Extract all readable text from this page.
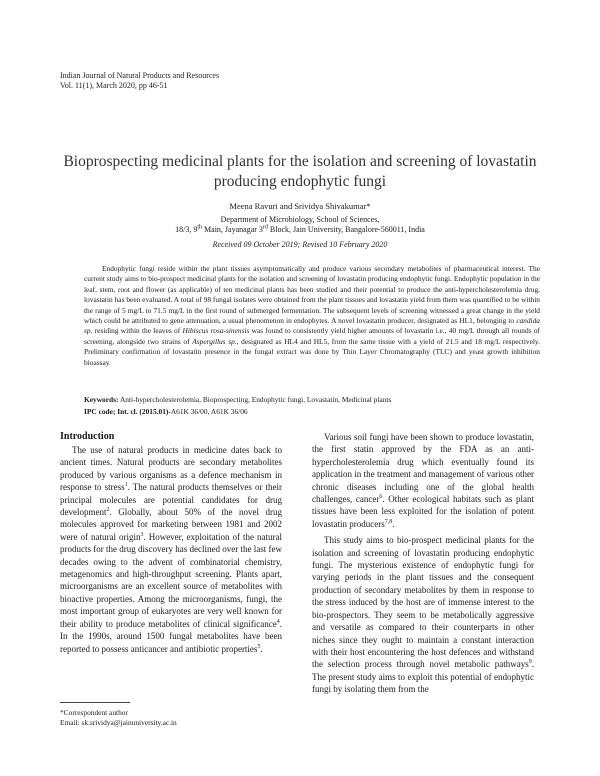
Indian Journal of Natural Products and Resources
Vol. 11(1), March 2020, pp 46-51
Bioprospecting medicinal plants for the isolation and screening of lovastatin
producing endophytic fungi
Meena Ravuri and Srividya Shivakumar*
Department of Microbiology, School of Sciences,
18/3, 9th Main, Jayanagar 3rd Block, Jain University, Bangalore-560011, India
Received 09 October 2019; Revised 10 February 2020

Endophytic fungi reside within the plant tissues asymptomatically and produce various secondary metabolites of pharmaceutical interest. The current study aims to bio-prospect medicinal plants for the isolation and screening of lovastatin producing endophytic fungi. Endophytic population in the leaf, stem, root and flower (as applicable) of ten medicinal plants has been studied and their potential to produce the anti-hypercholesterolemia drug, lovastatin has been evaluated. A total of 98 fungal isolates were obtained from the plant tissues and lovastatin yield from them was quantified to be within the range of 5 mg/L to 71.5 mg/L in the first round of submerged fermentation. The subsequent levels of screening witnessed a great change in the yield which could be attributed to gene attenuation, a usual phenomenon in endophytes. A novel lovastatin producer, designated as HL1, belonging to candida sp. residing within the leaves of Hibiscus rosa-sinensis was found to consistently yield higher amounts of lovastatin i.e., 40 mg/L through all rounds of screening, alongside two strains of Aspergillus sp., designated as HL4 and HL5, from the same tissue with a yield of 21.5 and 18 mg/L respectively. Preliminary confirmation of lovastatin presence in the fungal extract was done by Thin Layer Chromatography (TLC) and yeast growth inhibition bioassay.

Keywords: Anti-hypercholesterolemia, Bioprospecting, Endophytic fungi, Lovastatin, Medicinal plants
IPC code; Int. cl. (2015.01)-A61K 36/00, A61K 36/06
Introduction

The use of natural products in medicine dates back to ancient times. Natural products are secondary metabolites produced by various organisms as a defence mechanism in response to stress$^1$. The natural products themselves or their principal molecules are potential candidates for drug development$^2$. Globally, about 50% of the novel drug molecules approved for marketing between 1981 and 2002 were of natural origin$^3$. However, exploitation of the natural products for the drug discovery has declined over the last few decades owing to the advent of combinatorial chemistry, metagenomics and high-throughput screening. Plants apart, microorganisms are an excellent source of metabolites with bioactive properties. Among the microorganisms, fungi, the most important group of eukaryotes are very well known for their ability to produce metabolites of clinical significance$^4$. In the 1990s, around 1500 fungal metabolites have been reported to possess anticancer and antibiotic properties$^5$.

Various soil fungi have been shown to produce lovastatin, the first statin approved by the FDA as an anti-hypercholesterolemia drug which eventually found its application in the treatment and management of various other chronic diseases including one of the global health challenges, cancer$^6$. Other ecological habitats such as plant tissues have been less exploited for the isolation of potent lovastatin producers$^{7,8}$.

This study aims to bio-prospect medicinal plants for the isolation and screening of lovastatin producing endophytic fungi. The mysterious existence of endophytic fungi for varying periods in the plant tissues and the consequent production of secondary metabolites by them in response to the stress induced by the host are of immense interest to the bio-prospectors. They seem to be metabolically aggressive and versatile as compared to their counterparts in other niches since they ought to maintain a constant interaction with their host encountering the host defences and withstand the selection process through novel metabolic pathways$^9$. The present study aims to exploit this potential of endophytic fungi by isolating them from the

*Correspondent author
Email: sk.srividya@jainuniversity.ac.in
